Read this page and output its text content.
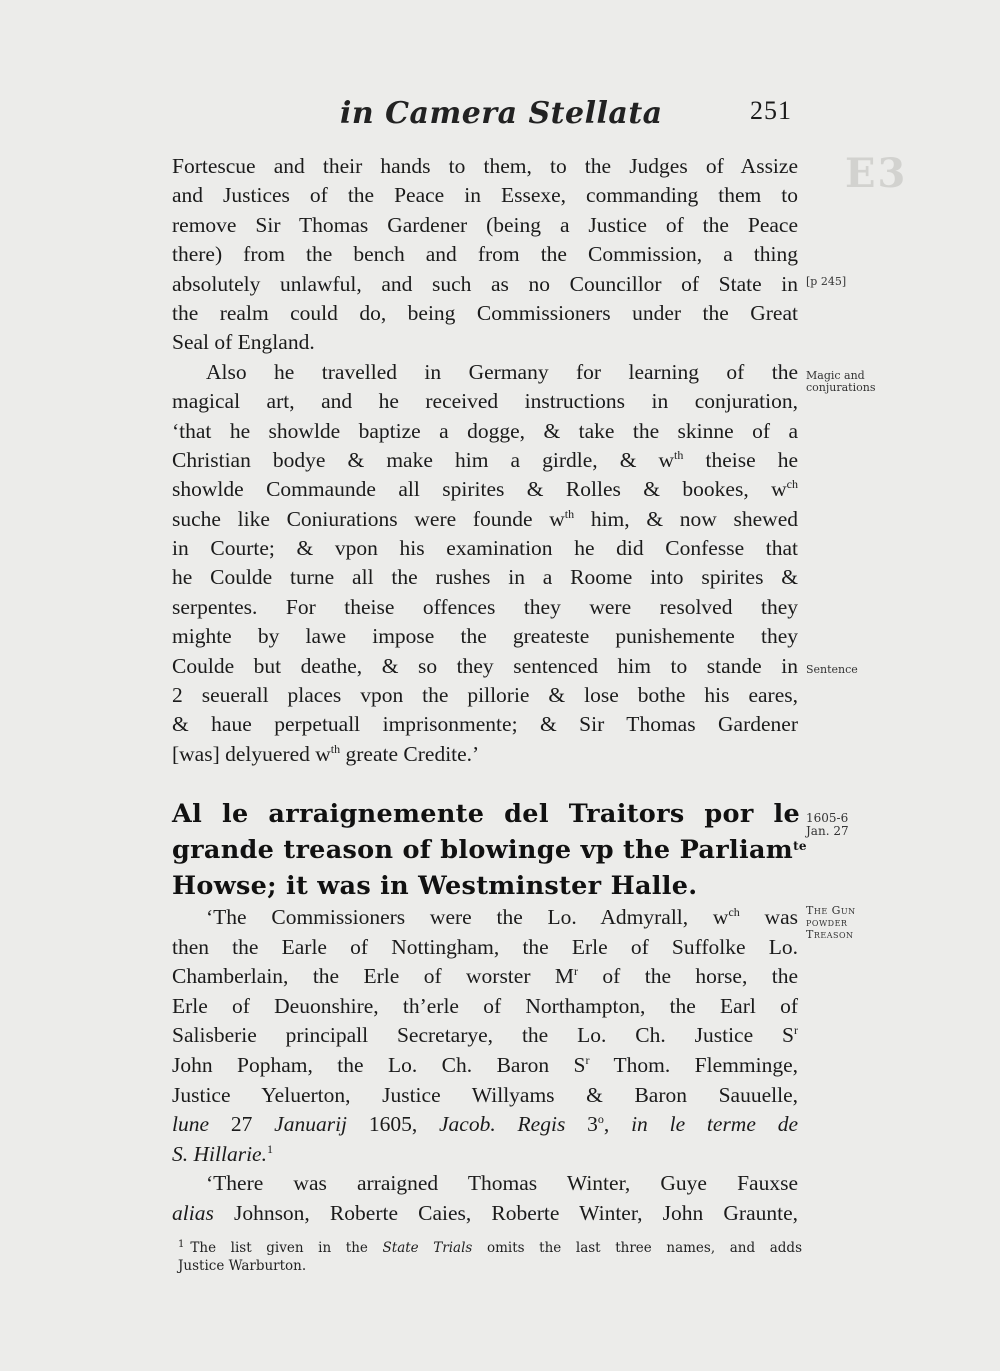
E3
in Camera Stellata	251
Fortescue and their hands to them, to the Judges of Assize
and Justices of the Peace in Essexe, commanding them to
remove Sir Thomas Gardener (being a Justice of the Peace
there) from the bench and from the Commission, a thing
absolutely unlawful, and such as no Councillor of State in
the realm could do, being Commissioners under the Great
Seal of England.
Also he travelled in Germany for learning of the
magical art, and he received instructions in conjuration,
‘that he showlde baptize a dogge, & take the skinne of a
Christian bodye & make him a girdle, & $w^{th}$ theise he
showlde Commaunde all spirites & Rolles & bookes, $w^{ch}$
suche like Coniurations were founde $w^{th}$ him, & now shewed
in Courte; & vpon his examination he did Confesse that
he Coulde turne all the rushes in a Roome into spirites &
serpentes. For theise offences they were resolved they
mighte by lawe impose the greateste punishemente they
Coulde but deathe, & so they sentenced him to stande in
2 seuerall places vpon the pillorie & lose bothe his eares,
& haue perpetuall imprisonmente; & Sir Thomas Gardener
[was] delyuered $w^{th}$ greate Credite.’
Al le arraignemente del Traitors por le
grande treason of blowinge vp the Parliam$^{te}$
Howse; it was in Westminster Halle.
‘The Commissioners were the Lo. Admyrall, $w^{ch}$ was
then the Earle of Nottingham, the Erle of Suffolke Lo.
Chamberlain, the Erle of worster $M^r$ of the horse, the
Erle of Deuonshire, th’erle of Northampton, the Earl of
Salisberie principall Secretarye, the Lo. Ch. Justice $S^r$
John Popham, the Lo. Ch. Baron $S^r$ Thom. Flemminge,
Justice Yeluerton, Justice Willyams & Baron Sauuelle,
lune 27 Januarij 1605, Jacob. Regis 3$^o$, in le terme de
S. Hillarie.$^1$
‘There was arraigned Thomas Winter, Guye Fauxse
alias Johnson, Roberte Caies, Roberte Winter, John Graunte,
$^1$ The list given in the State Trials omits the last three names, and adds
Justice Warburton.
[p 245]
Magic and
conjurations
Sentence
1605-6
Jan. 27
The Gun
powder
Treason
